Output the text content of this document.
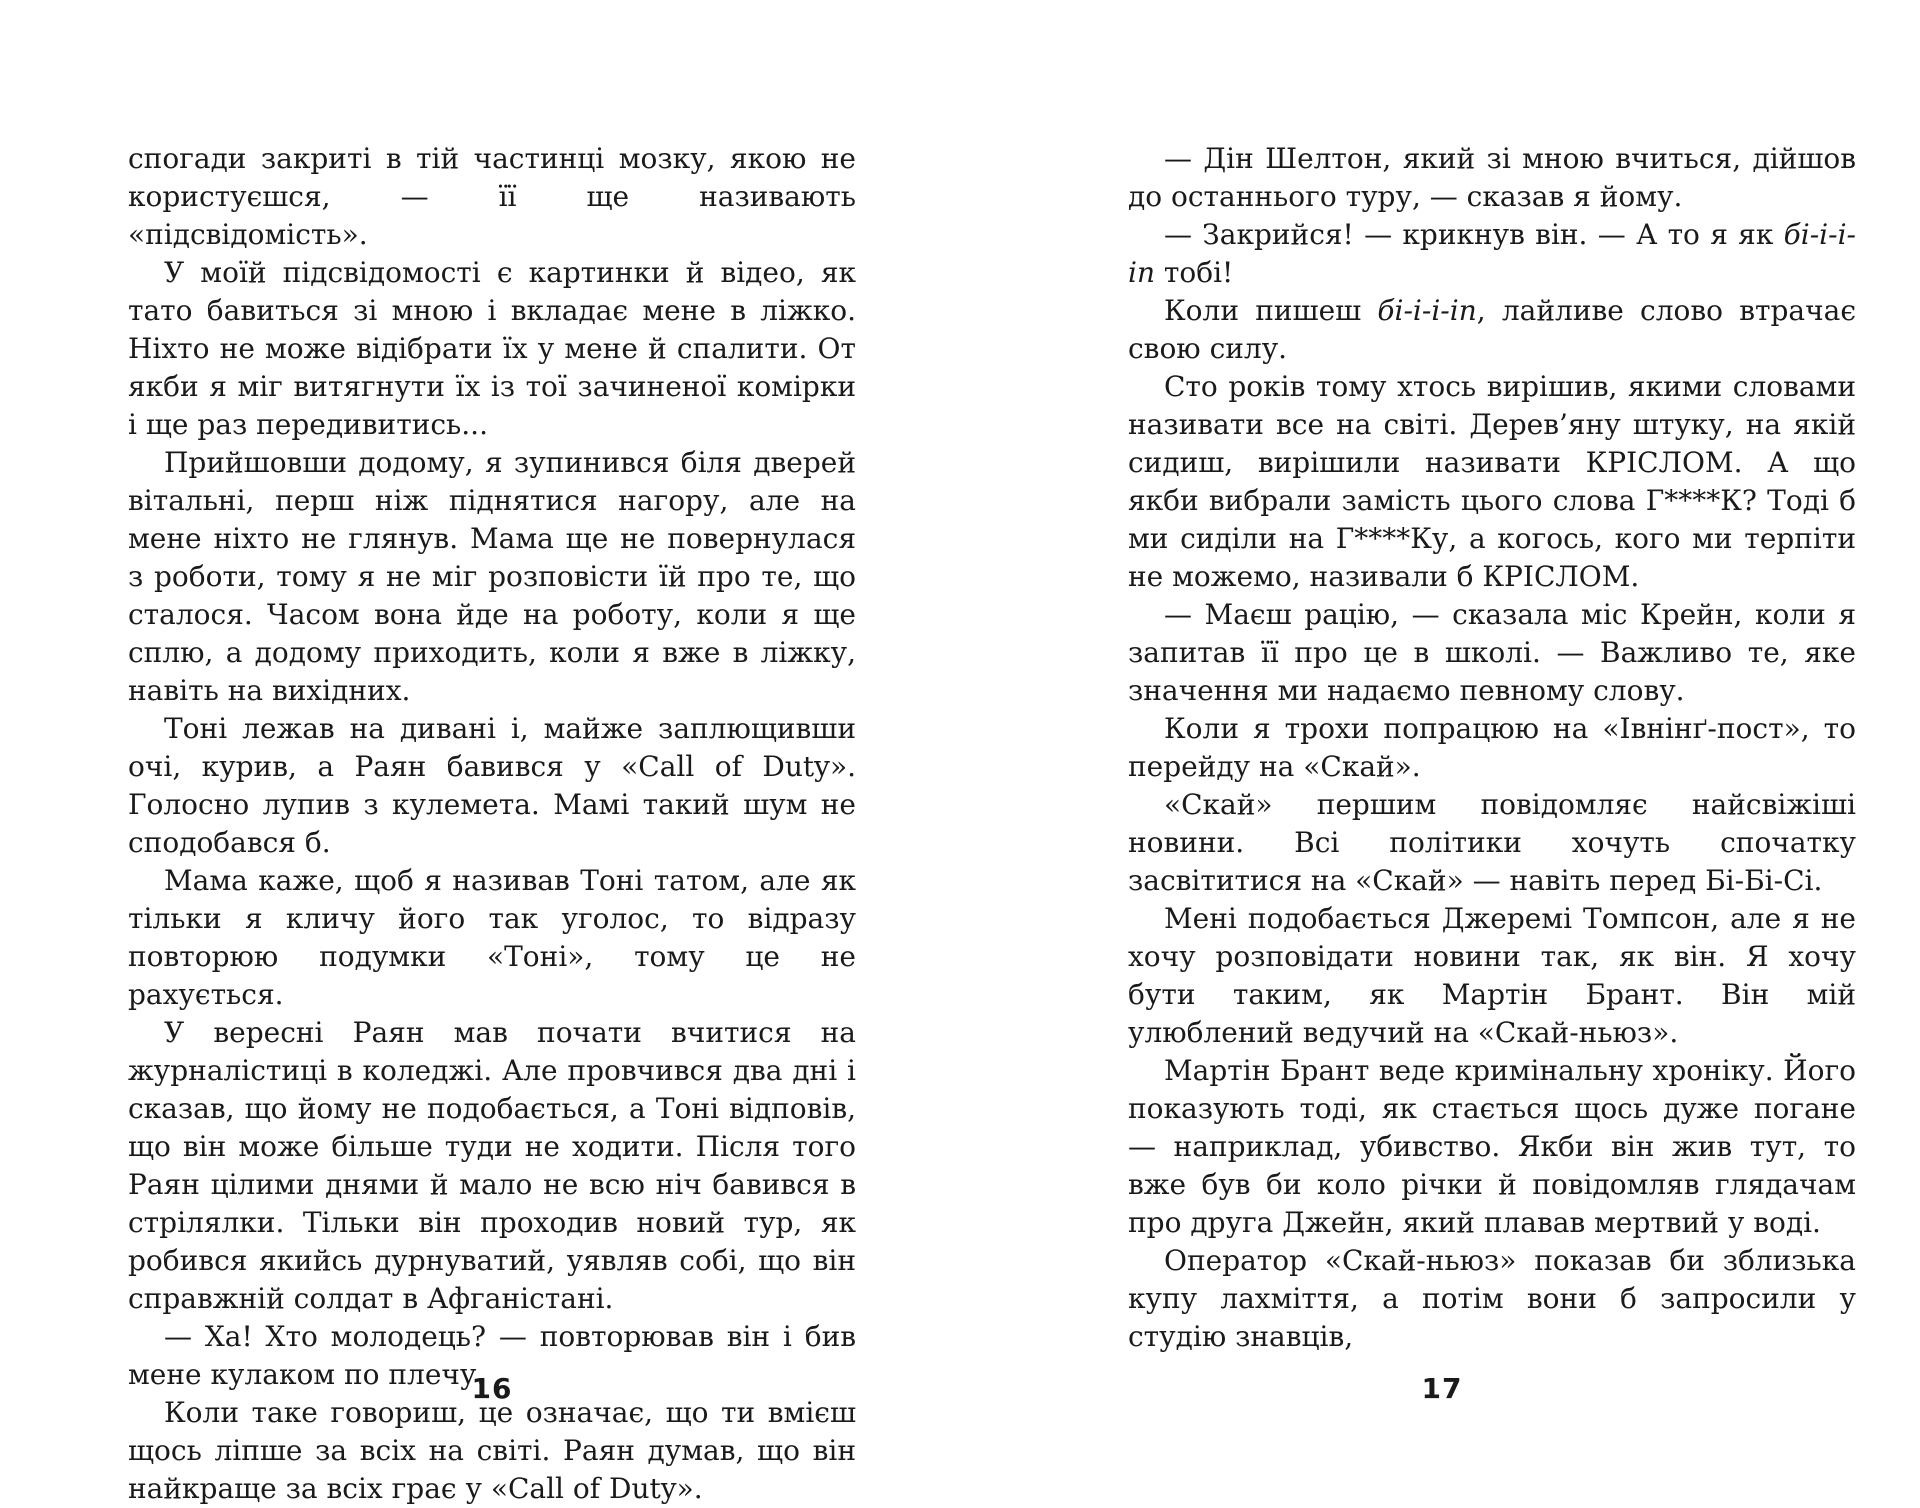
спогади закриті в тій частинці мозку, якою не користуєшся, — її ще називають «підсвідомість».

У моїй підсвідомості є картинки й відео, як тато бавиться зі мною і вкладає мене в ліжко. Ніхто не може відібрати їх у мене й спалити. От якби я міг витягнути їх із тої зачиненої комірки і ще раз передивитись...

Прийшовши додому, я зупинився біля дверей вітальні, перш ніж піднятися нагору, але на мене ніхто не глянув. Мама ще не повернулася з роботи, тому я не міг розповісти їй про те, що сталося. Часом вона йде на роботу, коли я ще сплю, а додому приходить, коли я вже в ліжку, навіть на вихідних.

Тоні лежав на дивані і, майже заплющивши очі, курив, а Раян бавився у «Call of Duty». Голосно лупив з кулемета. Мамі такий шум не сподобався б.

Мама каже, щоб я називав Тоні татом, але як тільки я кличу його так уголос, то відразу повторюю подумки «Тоні», тому це не рахується.

У вересні Раян мав почати вчитися на журналістиці в коледжі. Але провчився два дні і сказав, що йому не подобається, а Тоні відповів, що він може більше туди не ходити. Після того Раян цілими днями й мало не всю ніч бавився в стрілялки. Тільки він проходив новий тур, як робився якийсь дурнуватий, уявляв собі, що він справжній солдат в Афганістані.

— Ха! Хто молодець? — повторював він і бив мене кулаком по плечу.

Коли таке говориш, це означає, що ти вмієш щось ліпше за всіх на світі. Раян думав, що він найкраще за всіх грає у «Call of Duty».

16

— Дін Шелтон, який зі мною вчиться, дійшов до останнього туру, — сказав я йому.

— Закрийся! — крикнув він. — А то я як бі-і-і-іп тобі!

Коли пишеш бі-і-і-іп, лайливе слово втрачає свою силу.

Сто років тому хтось вирішив, якими словами називати все на світі. Дерев’яну штуку, на якій сидиш, вирішили називати КРІСЛОМ. А що якби вибрали замість цього слова Г****К? Тоді б ми сиділи на Г****Ку, а когось, кого ми терпіти не можемо, називали б КРІСЛОМ.

— Маєш рацію, — сказала міс Крейн, коли я запитав її про це в школі. — Важливо те, яке значення ми надаємо певному слову.

Коли я трохи попрацюю на «Івнінґ-пост», то перейду на «Скай».

«Скай» першим повідомляє найсвіжіші новини. Всі політики хочуть спочатку засвітитися на «Скай» — навіть перед Бі-Бі-Сі.

Мені подобається Джеремі Томпсон, але я не хочу розповідати новини так, як він. Я хочу бути таким, як Мартін Брант. Він мій улюблений ведучий на «Скай-ньюз».

Мартін Брант веде кримінальну хроніку. Його показують тоді, як стається щось дуже погане — наприклад, убивство. Якби він жив тут, то вже був би коло річки й повідомляв глядачам про друга Джейн, який плавав мертвий у воді.

Оператор «Скай-ньюз» показав би зблизька купу лахміття, а потім вони б запросили у студію знавців,

17
